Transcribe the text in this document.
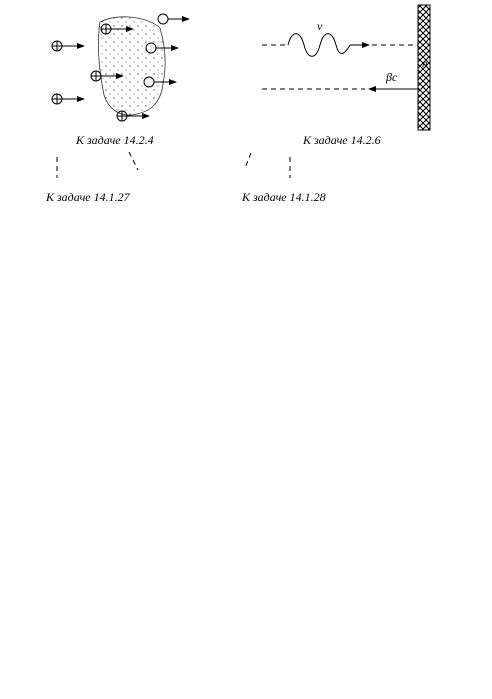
ν
βc
n
К задаче 14.2.4	К задаче 14.2.6
К задаче 14.1.27	К задаче 14.1.28
